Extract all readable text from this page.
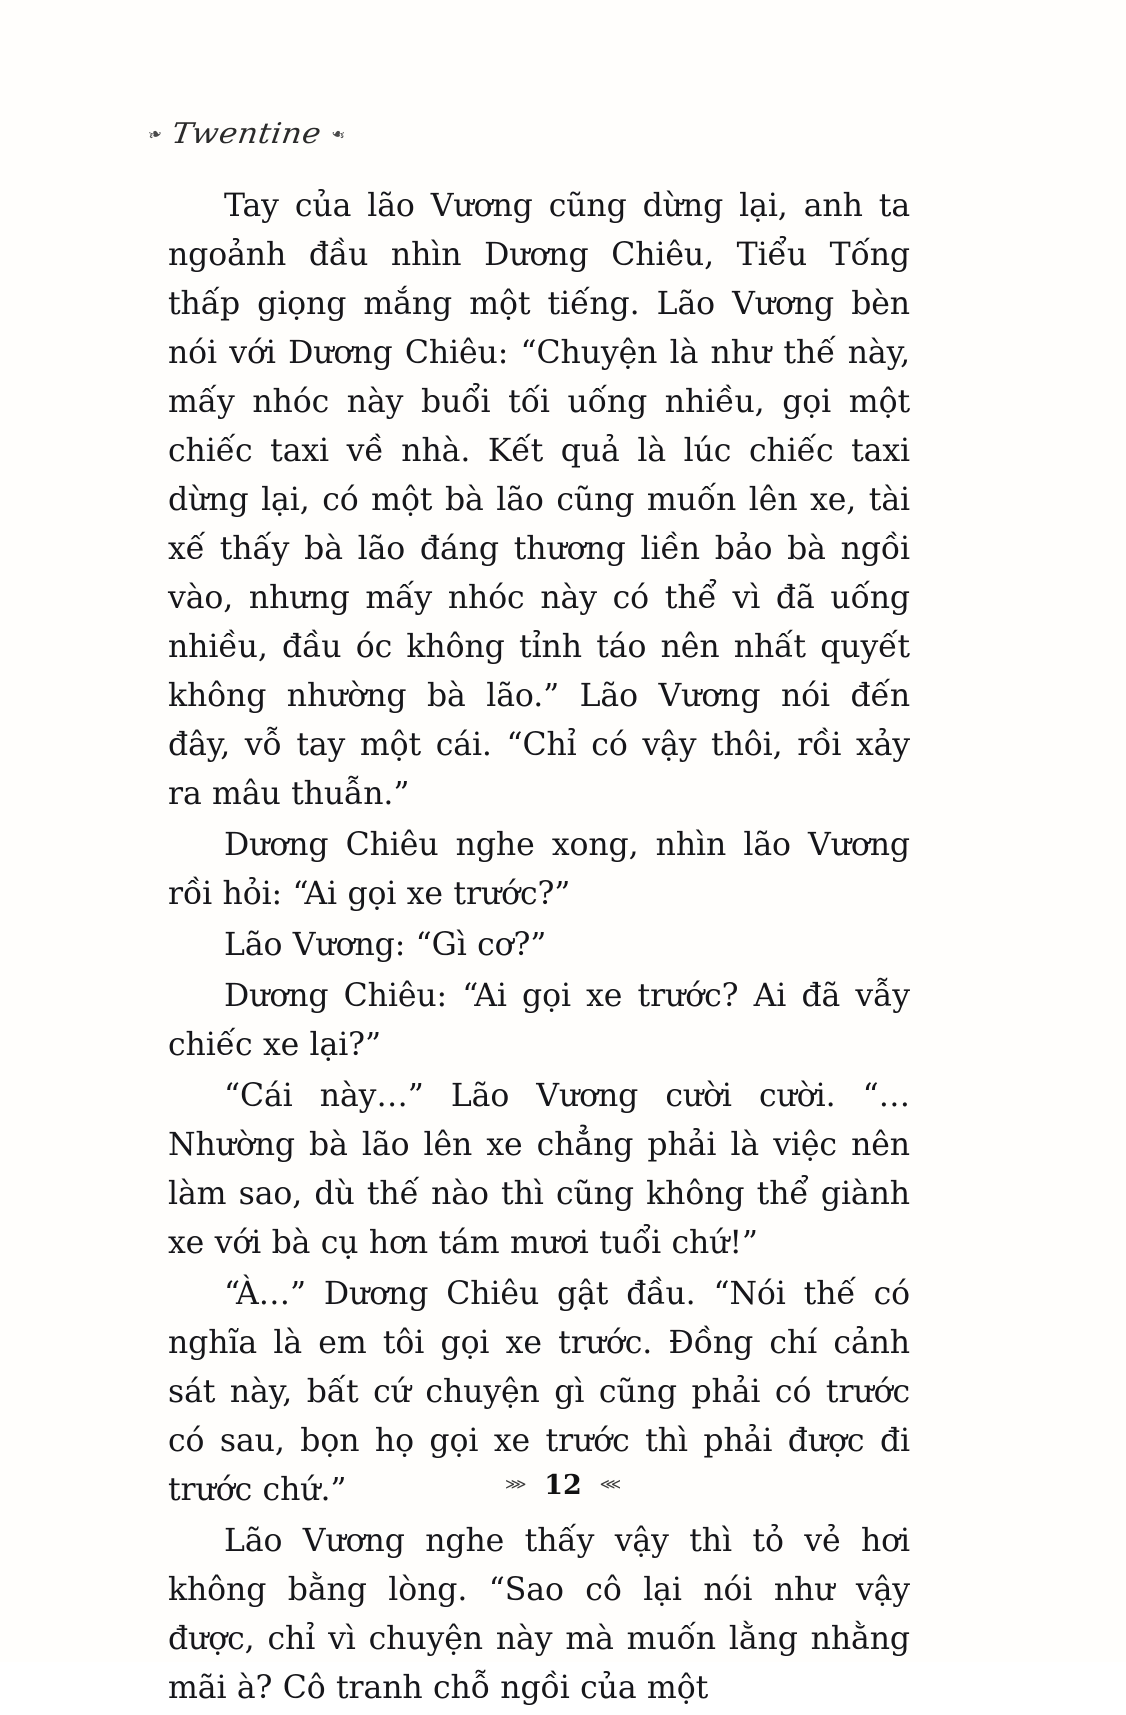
❧ Twentine ❧

Tay của lão Vương cũng dừng lại, anh ta ngoảnh đầu nhìn Dương Chiêu, Tiểu Tống thấp giọng mắng một tiếng. Lão Vương bèn nói với Dương Chiêu: “Chuyện là như thế này, mấy nhóc này buổi tối uống nhiều, gọi một chiếc taxi về nhà. Kết quả là lúc chiếc taxi dừng lại, có một bà lão cũng muốn lên xe, tài xế thấy bà lão đáng thương liền bảo bà ngồi vào, nhưng mấy nhóc này có thể vì đã uống nhiều, đầu óc không tỉnh táo nên nhất quyết không nhường bà lão.” Lão Vương nói đến đây, vỗ tay một cái. “Chỉ có vậy thôi, rồi xảy ra mâu thuẫn.”

Dương Chiêu nghe xong, nhìn lão Vương rồi hỏi: “Ai gọi xe trước?”

Lão Vương: “Gì cơ?”

Dương Chiêu: “Ai gọi xe trước? Ai đã vẫy chiếc xe lại?”

“Cái này…” Lão Vương cười cười. “… Nhường bà lão lên xe chẳng phải là việc nên làm sao, dù thế nào thì cũng không thể giành xe với bà cụ hơn tám mươi tuổi chứ!”

“À…” Dương Chiêu gật đầu. “Nói thế có nghĩa là em tôi gọi xe trước. Đồng chí cảnh sát này, bất cứ chuyện gì cũng phải có trước có sau, bọn họ gọi xe trước thì phải được đi trước chứ.”

Lão Vương nghe thấy vậy thì tỏ vẻ hơi không bằng lòng. “Sao cô lại nói như vậy được, chỉ vì chuyện này mà muốn lằng nhằng mãi à? Cô tranh chỗ ngồi của một

⋘ 12 ⋘
